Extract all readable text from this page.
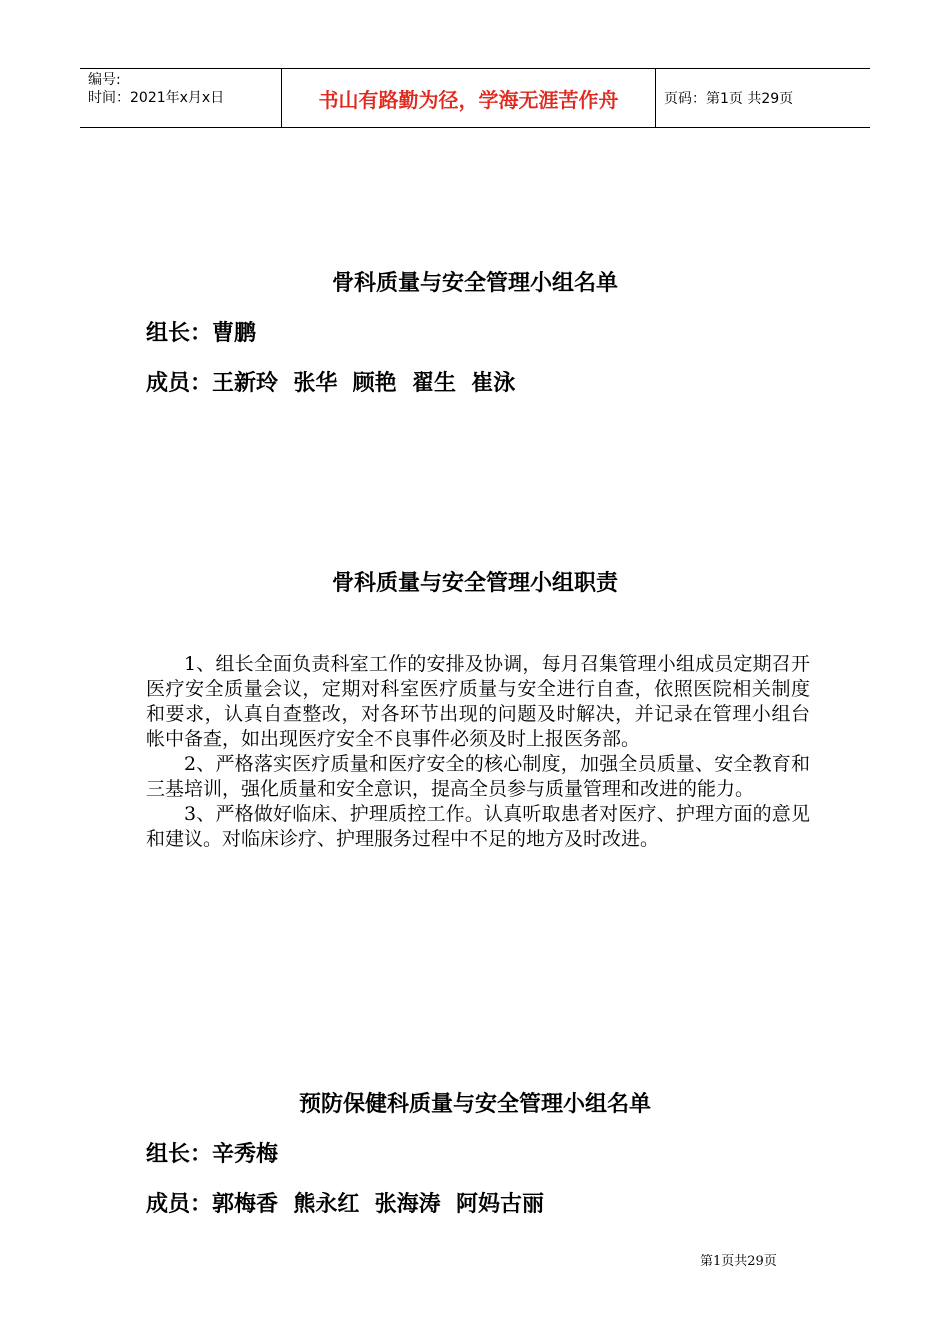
编号:
时间：2021年x月x日	书山有路勤为径，学海无涯苦作舟	页码：第1页 共29页
骨科质量与安全管理小组名单
组长：曹鹏
成员：王新玲  张华  顾艳  翟生  崔泳
骨科质量与安全管理小组职责

1、组长全面负责科室工作的安排及协调，每月召集管理小组成员定期召开医疗安全质量会议，定期对科室医疗质量与安全进行自查，依照医院相关制度和要求，认真自查整改，对各环节出现的问题及时解决，并记录在管理小组台帐中备查，如出现医疗安全不良事件必须及时上报医务部。

2、严格落实医疗质量和医疗安全的核心制度，加强全员质量、安全教育和三基培训，强化质量和安全意识，提高全员参与质量管理和改进的能力。

3、严格做好临床、护理质控工作。认真听取患者对医疗、护理方面的意见和建议。对临床诊疗、护理服务过程中不足的地方及时改进。

预防保健科质量与安全管理小组名单
组长：辛秀梅
成员：郭梅香  熊永红  张海涛  阿妈古丽
第1页共29页
